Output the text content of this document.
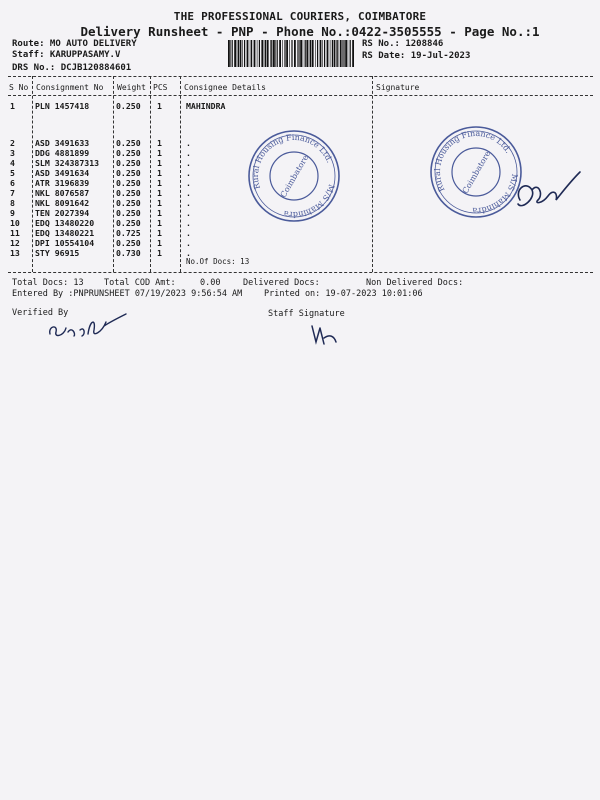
THE PROFESSIONAL COURIERS, COIMBATORE
Delivery Runsheet - PNP - Phone No.:0422-3505555 - Page No.:1
Route: MO AUTO DELIVERY
Staff: KARUPPASAMY.V
DRS No.: DCJB120884601
RS No.: 1208846
RS Date: 19-Jul-2023
S No Consignment No Weight PCS Consignee Details	Signature
1 PLN 1457418	0.250 1	MAHINDRA
2 ASD 3491633	0.250 1	.
3 DDG 4881899	0.250 1	.
4 SLM 324387313 0.250 1	.
5 ASD 3491634	0.250 1	.
6 ATR 3196839	0.250 1	.
7 NKL 8076587	0.250 1	.
8 NKL 8091642	0.250 1	.
9 TEN 2027394	0.250 1	.
10 EDQ 13480220	0.250 1	.
11 EDQ 13480221	0.725 1	.
12 DPI 10554104	0.250 1	.
13 STY 96915	0.730 1	.
No.Of Docs: 13
Rural Housing Finance Ltd.
M/S Mahindra
Coimbatore	Rural Housing Finance Ltd.
M/S Mahindra
Coimbatore
Total Docs: 13 Total COD Amt:	0.00	Delivered Docs:	Non Delivered Docs:
Entered By :PNPRUNSHEET 07/19/2023 9:56:54 AM	Printed on: 19-07-2023 10:01:06
Verified By	Staff Signature
